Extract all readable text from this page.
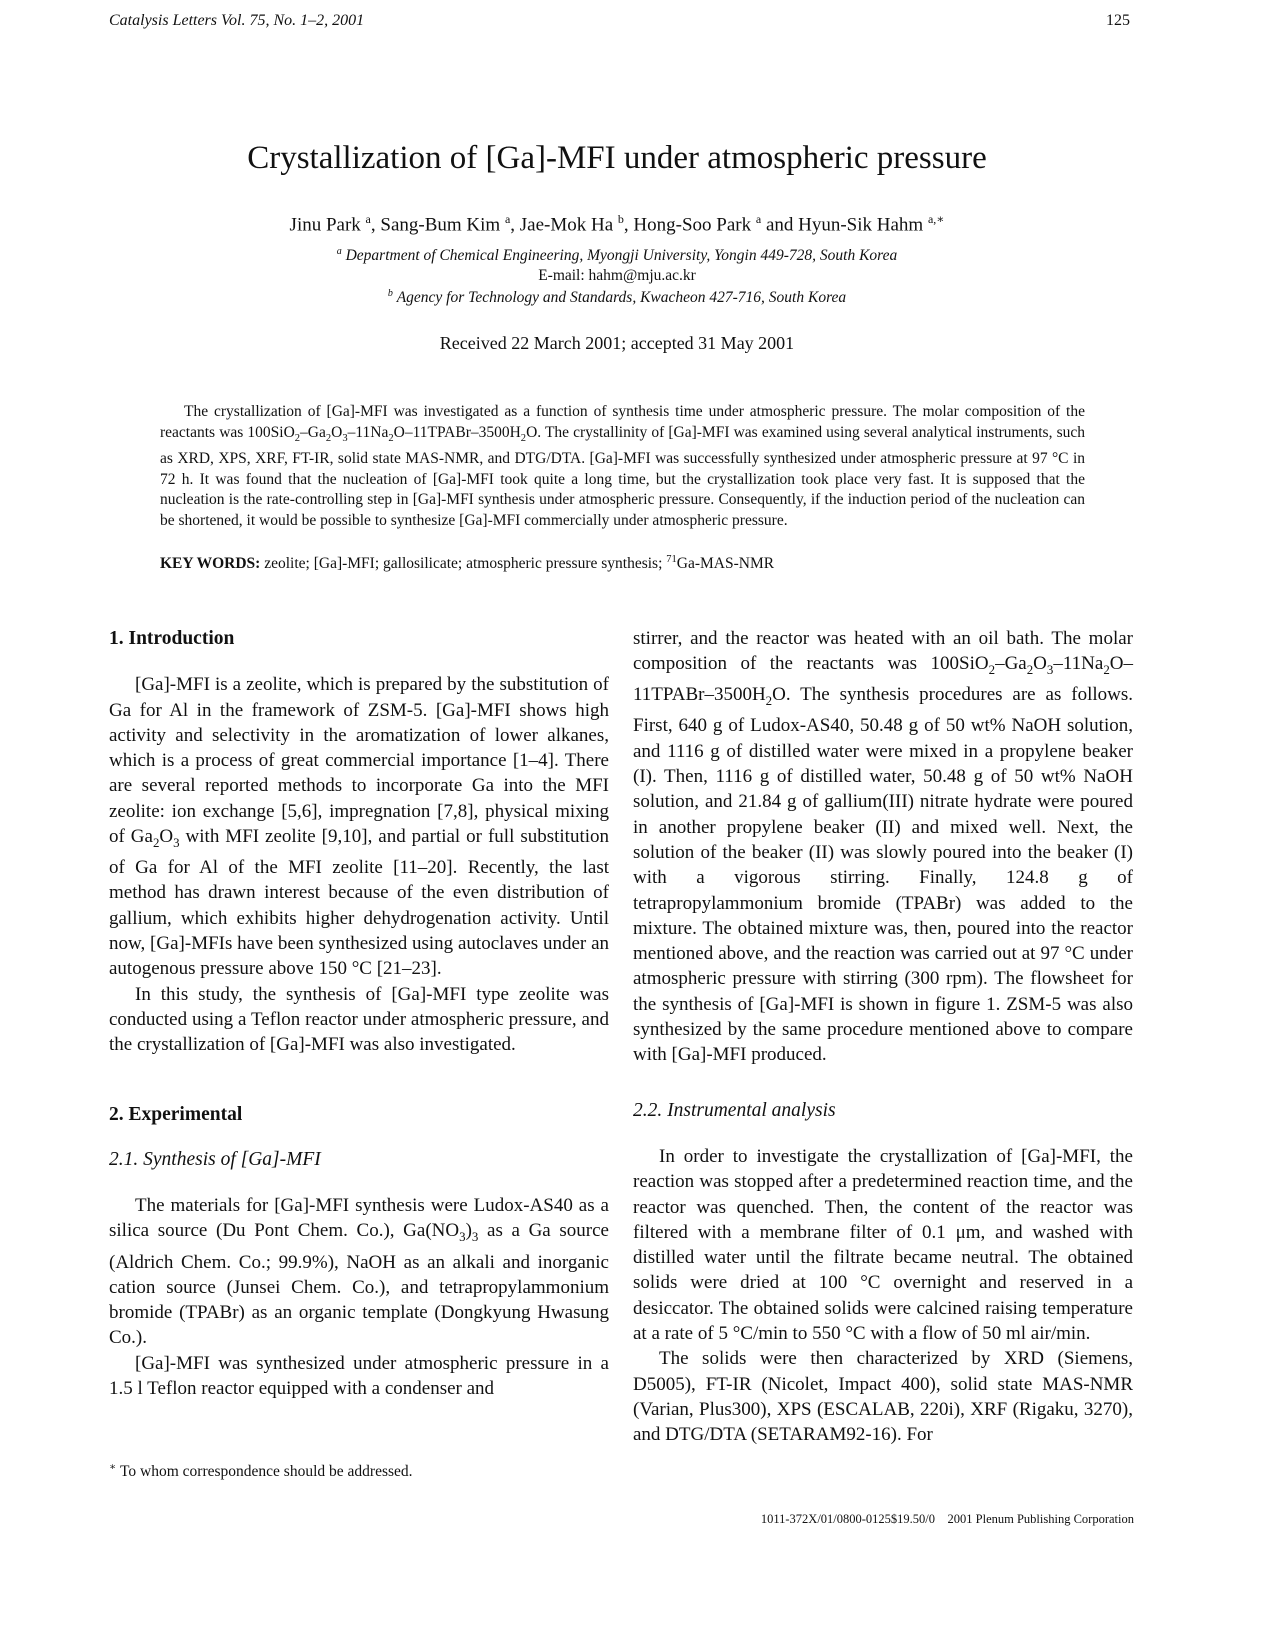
Catalysis Letters Vol. 75, No. 1–2, 2001	125
Crystallization of [Ga]-MFI under atmospheric pressure
Jinu Park $^a$, Sang-Bum Kim $^a$, Jae-Mok Ha $^b$, Hong-Soo Park $^a$ and Hyun-Sik Hahm $^{a,∗}$
$^a$ Department of Chemical Engineering, Myongji University, Yongin 449-728, South Korea
E-mail: hahm@mju.ac.kr
$^b$ Agency for Technology and Standards, Kwacheon 427-716, South Korea
Received 22 March 2001; accepted 31 May 2001
The crystallization of [Ga]-MFI was investigated as a function of synthesis time under atmospheric pressure. The molar composition of the reactants was $100SiO_2-Ga_2O_3-11Na_2O-11TPABr-3500H_2O$. The crystallinity of [Ga]-MFI was examined using several analytical instruments, such as XRD, XPS, XRF, FT-IR, solid state MAS-NMR, and DTG/DTA. [Ga]-MFI was successfully synthesized under atmospheric pressure at 97 °C in 72 h. It was found that the nucleation of [Ga]-MFI took quite a long time, but the crystallization took place very fast. It is supposed that the nucleation is the rate-controlling step in [Ga]-MFI synthesis under atmospheric pressure. Consequently, if the induction period of the nucleation can be shortened, it would be possible to synthesize [Ga]-MFI commercially under atmospheric pressure.
KEY WORDS: zeolite; [Ga]-MFI; gallosilicate; atmospheric pressure synthesis; $^{71}$Ga-MAS-NMR
1. Introduction

[Ga]-MFI is a zeolite, which is prepared by the substitution of Ga for Al in the framework of ZSM-5. [Ga]-MFI shows high activity and selectivity in the aromatization of lower alkanes, which is a process of great commercial importance [1–4]. There are several reported methods to incorporate Ga into the MFI zeolite: ion exchange [5,6], impregnation [7,8], physical mixing of $Ga_2O_3$ with MFI zeolite [9,10], and partial or full substitution of Ga for Al of the MFI zeolite [11–20]. Recently, the last method has drawn interest because of the even distribution of gallium, which exhibits higher dehydrogenation activity. Until now, [Ga]-MFIs have been synthesized using autoclaves under an autogenous pressure above 150 °C [21–23].

In this study, the synthesis of [Ga]-MFI type zeolite was conducted using a Teflon reactor under atmospheric pressure, and the crystallization of [Ga]-MFI was also investigated.

2. Experimental
2.1. Synthesis of [Ga]-MFI

The materials for [Ga]-MFI synthesis were Ludox-AS40 as a silica source (Du Pont Chem. Co.), $Ga(NO_3)_3$ as a Ga source (Aldrich Chem. Co.; 99.9%), NaOH as an alkali and inorganic cation source (Junsei Chem. Co.), and tetrapropylammonium bromide (TPABr) as an organic template (Dongkyung Hwasung Co.).

[Ga]-MFI was synthesized under atmospheric pressure in a 1.5 l Teflon reactor equipped with a condenser and

stirrer, and the reactor was heated with an oil bath. The molar composition of the reactants was $100SiO_2-Ga_2O_3-11Na_2O-11TPABr-3500H_2O$. The synthesis procedures are as follows. First, 640 g of Ludox-AS40, 50.48 g of 50 wt% NaOH solution, and 1116 g of distilled water were mixed in a propylene beaker (I). Then, 1116 g of distilled water, 50.48 g of 50 wt% NaOH solution, and 21.84 g of gallium(III) nitrate hydrate were poured in another propylene beaker (II) and mixed well. Next, the solution of the beaker (II) was slowly poured into the beaker (I) with a vigorous stirring. Finally, 124.8 g of tetrapropylammonium bromide (TPABr) was added to the mixture. The obtained mixture was, then, poured into the reactor mentioned above, and the reaction was carried out at 97 °C under atmospheric pressure with stirring (300 rpm). The flowsheet for the synthesis of [Ga]-MFI is shown in figure 1. ZSM-5 was also synthesized by the same procedure mentioned above to compare with [Ga]-MFI produced.

2.2. Instrumental analysis

In order to investigate the crystallization of [Ga]-MFI, the reaction was stopped after a predetermined reaction time, and the reactor was quenched. Then, the content of the reactor was filtered with a membrane filter of 0.1 μm, and washed with distilled water until the filtrate became neutral. The obtained solids were dried at 100 °C overnight and reserved in a desiccator. The obtained solids were calcined raising temperature at a rate of 5 °C/min to 550 °C with a flow of 50 ml air/min.

The solids were then characterized by XRD (Siemens, D5005), FT-IR (Nicolet, Impact 400), solid state MAS-NMR (Varian, Plus300), XPS (ESCALAB, 220i), XRF (Rigaku, 3270), and DTG/DTA (SETARAM92-16). For

∗ To whom correspondence should be addressed.
1011-372X/01/0800-0125$19.50/0    2001 Plenum Publishing Corporation
